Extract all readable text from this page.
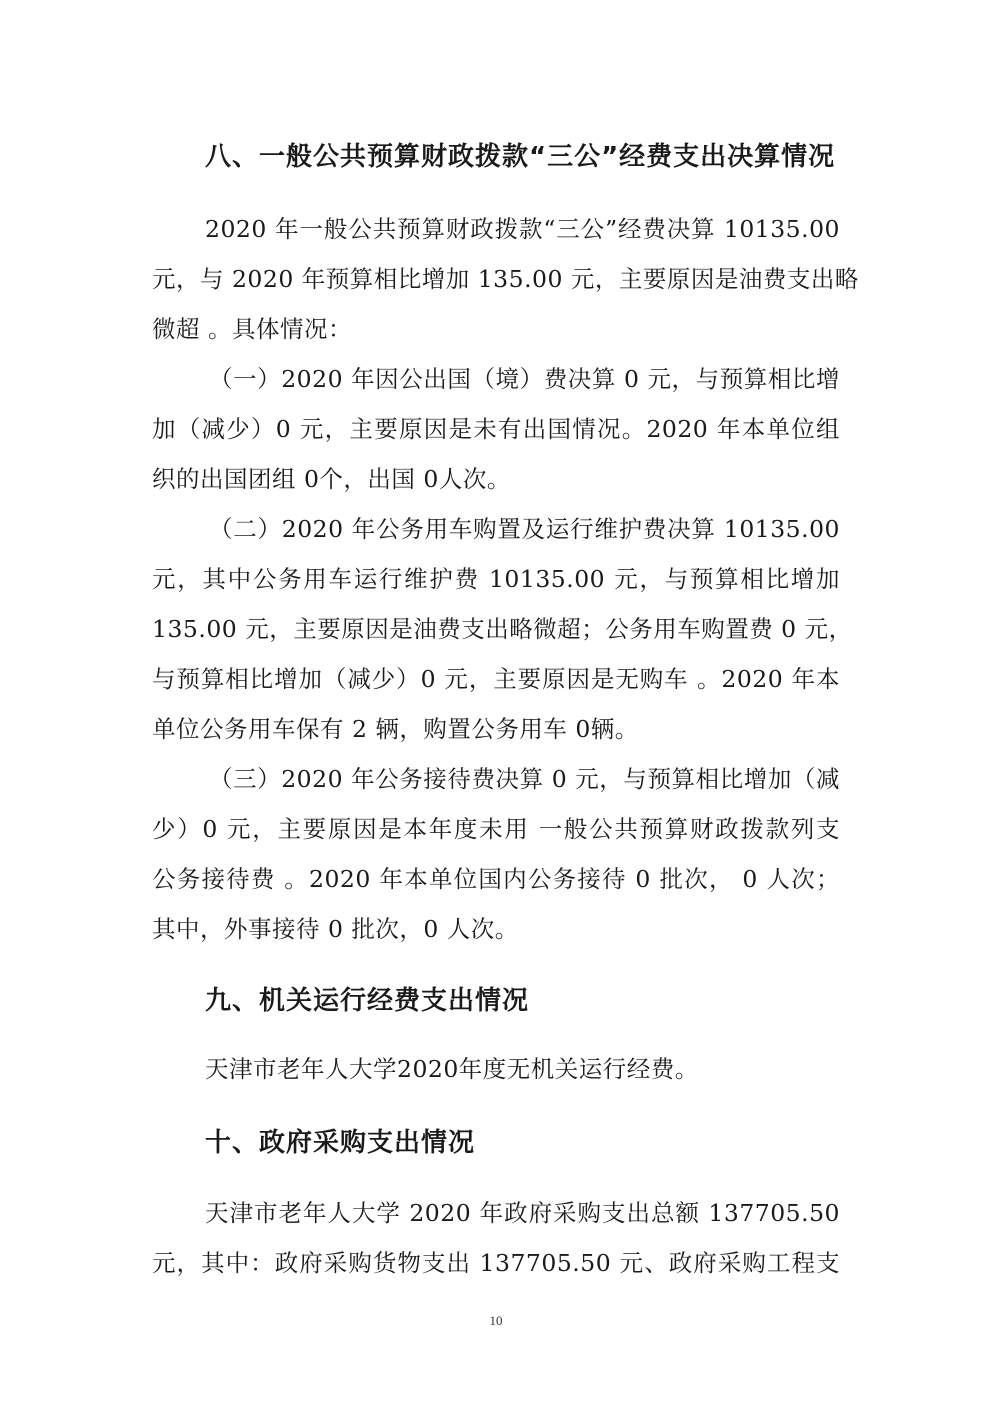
八、一般公共预算财政拨款“三公”经费支出决算情况
2020 年一般公共预算财政拨款“三公”经费决算 10135.00
元，与 2020 年预算相比增加 135.00 元，主要原因是油费支出略
微超 。具体情况：
（一）2020 年因公出国（境）费决算 0 元，与预算相比增
加（减少）0 元，主要原因是未有出国情况。2020 年本单位组
织的出国团组 0个，出国 0人次。
（二）2020 年公务用车购置及运行维护费决算 10135.00
元，其中公务用车运行维护费 10135.00 元，与预算相比增加
135.00 元，主要原因是油费支出略微超；公务用车购置费 0 元，
与预算相比增加（减少）0 元，主要原因是无购车 。2020 年本
单位公务用车保有 2 辆，购置公务用车 0辆。
（三）2020 年公务接待费决算 0 元，与预算相比增加（减
少）0 元，主要原因是本年度未用 一般公共预算财政拨款列支
公务接待费 。2020 年本单位国内公务接待 0 批次， 0 人次；
其中，外事接待 0 批次，0 人次。
九、机关运行经费支出情况
天津市老年人大学2020年度无机关运行经费。
十、政府采购支出情况
天津市老年人大学 2020 年政府采购支出总额 137705.50
元，其中：政府采购货物支出 137705.50 元、政府采购工程支
10
